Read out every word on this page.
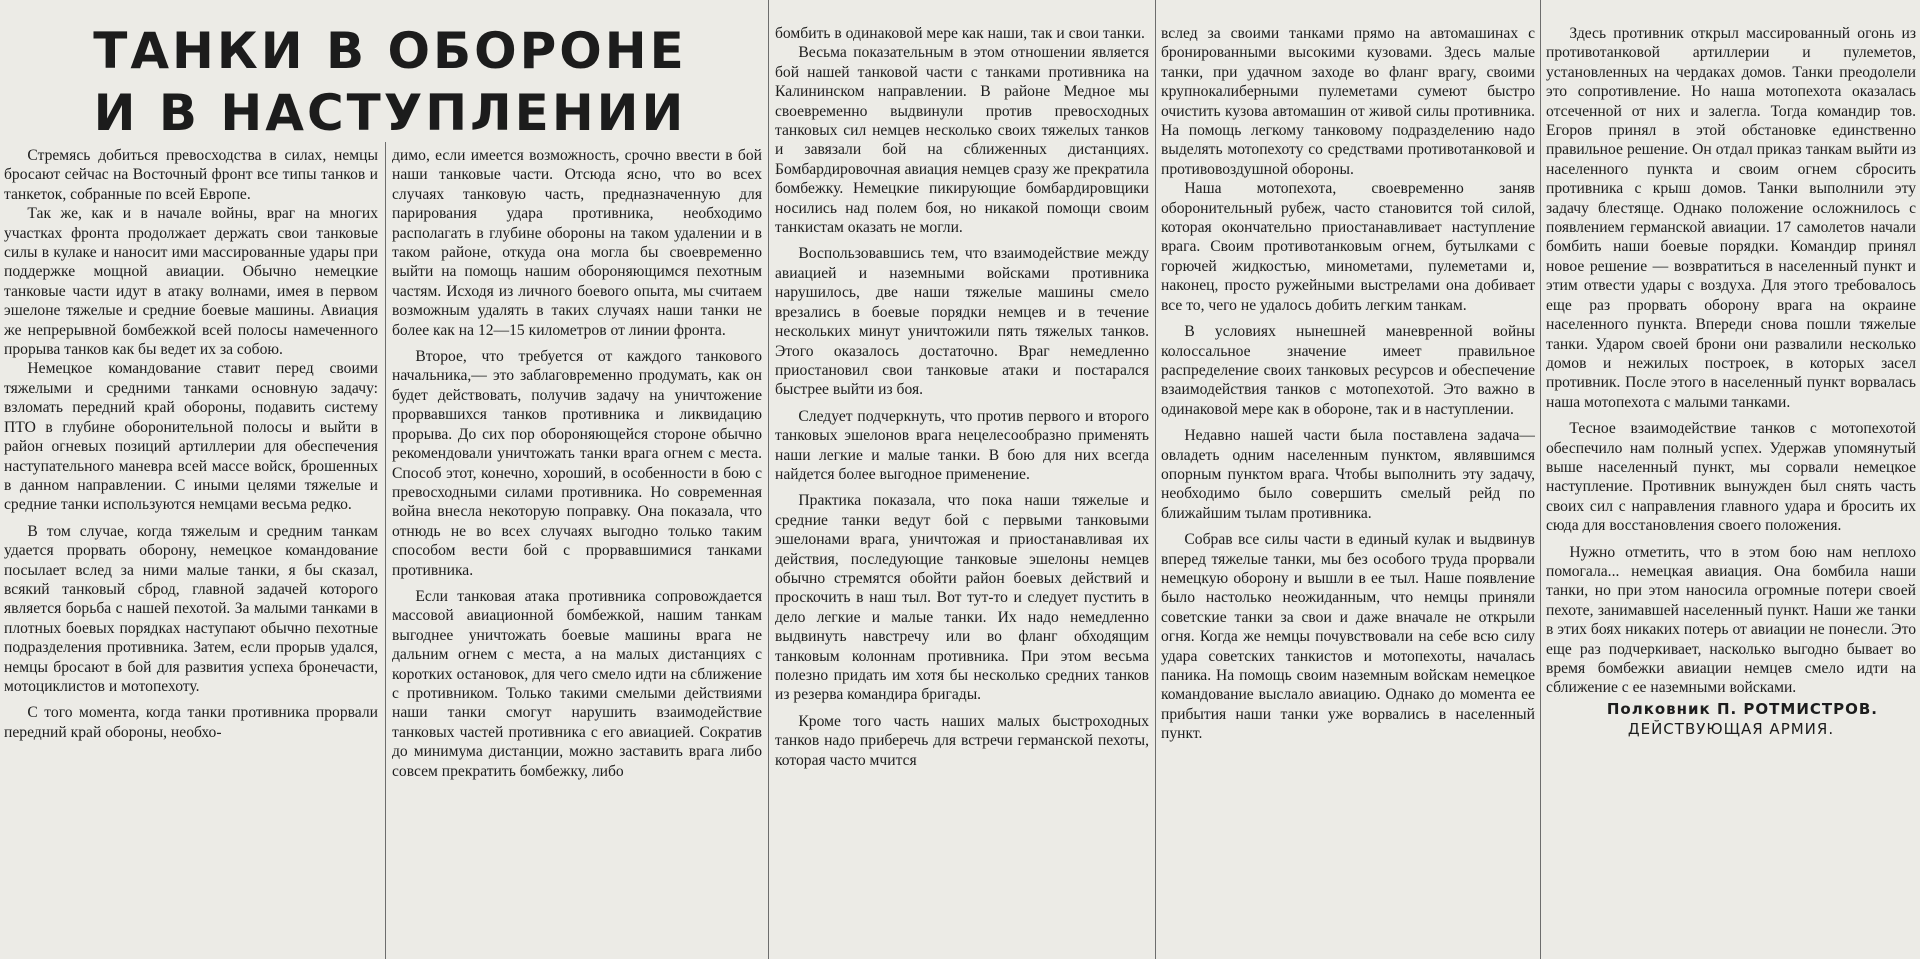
ТАНКИ В ОБОРОНЕ И В НАСТУПЛЕНИИ

Стремясь добиться превосходства в силах, немцы бросают сейчас на Восточный фронт все типы танков и танкеток, собранные по всей Европе.

Так же, как и в начале войны, враг на многих участках фронта продолжает держать свои танковые силы в кулаке и наносит ими массированные удары при поддержке мощной авиации. Обычно немецкие танковые части идут в атаку волнами, имея в первом эшелоне тяжелые и средние боевые машины. Авиация же непрерывной бомбежкой всей полосы намеченного прорыва танков как бы ведет их за собою.

Немецкое командование ставит перед своими тяжелыми и средними танками основную задачу: взломать передний край обороны, подавить систему ПТО в глубине оборонительной полосы и выйти в район огневых позиций артиллерии для обеспечения наступательного маневра всей массе войск, брошенных в данном направлении. С иными целями тяжелые и средние танки используются немцами весьма редко.

В том случае, когда тяжелым и средним танкам удается прорвать оборону, немецкое командование посылает вслед за ними малые танки, я бы сказал, всякий танковый сброд, главной задачей которого является борьба с нашей пехотой. За малыми танками в плотных боевых порядках наступают обычно пехотные подразделения противника. Затем, если прорыв удался, немцы бросают в бой для развития успеха бронечасти, мотоциклистов и мотопехоту.

С того момента, когда танки противника прорвали передний край обороны, необхо-

димо, если имеется возможность, срочно ввести в бой наши танковые части. Отсюда ясно, что во всех случаях танковую часть, предназначенную для парирования удара противника, необходимо располагать в глубине обороны на таком удалении и в таком районе, откуда она могла бы своевременно выйти на помощь нашим обороняющимся пехотным частям. Исходя из личного боевого опыта, мы считаем возможным удалять в таких случаях наши танки не более как на 12—15 километров от линии фронта.

Второе, что требуется от каждого танкового начальника,— это заблаговременно продумать, как он будет действовать, получив задачу на уничтожение прорвавшихся танков противника и ликвидацию прорыва. До сих пор обороняющейся стороне обычно рекомендовали уничтожать танки врага огнем с места. Способ этот, конечно, хороший, в особенности в бою с превосходными силами противника. Но современная война внесла некоторую поправку. Она показала, что отнюдь не во всех случаях выгодно только таким способом вести бой с прорвавшимися танками противника.

Если танковая атака противника сопровождается массовой авиационной бомбежкой, нашим танкам выгоднее уничтожать боевые машины врага не дальним огнем с места, а на малых дистанциях с коротких остановок, для чего смело идти на сближение с противником. Только такими смелыми действиями наши танки смогут нарушить взаимодействие танковых частей противника с его авиацией. Сократив до минимума дистанции, можно заставить врага либо совсем прекратить бомбежку, либо

бомбить в одинаковой мере как наши, так и свои танки.

Весьма показательным в этом отношении является бой нашей танковой части с танками противника на Калининском направлении. В районе Медное мы своевременно выдвинули против превосходных танковых сил немцев несколько своих тяжелых танков и завязали бой на сближенных дистанциях. Бомбардировочная авиация немцев сразу же прекратила бомбежку. Немецкие пикирующие бомбардировщики носились над полем боя, но никакой помощи своим танкистам оказать не могли.

Воспользовавшись тем, что взаимодействие между авиацией и наземными войсками противника нарушилось, две наши тяжелые машины смело врезались в боевые порядки немцев и в течение нескольких минут уничтожили пять тяжелых танков. Этого оказалось достаточно. Враг немедленно приостановил свои танковые атаки и постарался быстрее выйти из боя.

Следует подчеркнуть, что против первого и второго танковых эшелонов врага нецелесообразно применять наши легкие и малые танки. В бою для них всегда найдется более выгодное применение.

Практика показала, что пока наши тяжелые и средние танки ведут бой с первыми танковыми эшелонами врага, уничтожая и приостанавливая их действия, последующие танковые эшелоны немцев обычно стремятся обойти район боевых действий и проскочить в наш тыл. Вот тут-то и следует пустить в дело легкие и малые танки. Их надо немедленно выдвинуть навстречу или во фланг обходящим танковым колоннам противника. При этом весьма полезно придать им хотя бы несколько средних танков из резерва командира бригады.

Кроме того часть наших малых быстроходных танков надо приберечь для встречи германской пехоты, которая часто мчится

вслед за своими танками прямо на автомашинах с бронированными высокими кузовами. Здесь малые танки, при удачном заходе во фланг врагу, своими крупнокалиберными пулеметами сумеют быстро очистить кузова автомашин от живой силы противника. На помощь легкому танковому подразделению надо выделять мотопехоту со средствами противотанковой и противовоздушной обороны.

Наша мотопехота, своевременно заняв оборонительный рубеж, часто становится той силой, которая окончательно приостанавливает наступление врага. Своим противотанковым огнем, бутылками с горючей жидкостью, минометами, пулеметами и, наконец, просто ружейными выстрелами она добивает все то, чего не удалось добить легким танкам.

В условиях нынешней маневренной войны колоссальное значение имеет правильное распределение своих танковых ресурсов и обеспечение взаимодействия танков с мотопехотой. Это важно в одинаковой мере как в обороне, так и в наступлении.

Недавно нашей части была поставлена задача—овладеть одним населенным пунктом, являвшимся опорным пунктом врага. Чтобы выполнить эту задачу, необходимо было совершить смелый рейд по ближайшим тылам противника.

Собрав все силы части в единый кулак и выдвинув вперед тяжелые танки, мы без особого труда прорвали немецкую оборону и вышли в ее тыл. Наше появление было настолько неожиданным, что немцы приняли советские танки за свои и даже вначале не открыли огня. Когда же немцы почувствовали на себе всю силу удара советских танкистов и мотопехоты, началась паника. На помощь своим наземным войскам немецкое командование выслало авиацию. Однако до момента ее прибытия наши танки уже ворвались в населенный пункт.

Здесь противник открыл массированный огонь из противотанковой артиллерии и пулеметов, установленных на чердаках домов. Танки преодолели это сопротивление. Но наша мотопехота оказалась отсеченной от них и залегла. Тогда командир тов. Егоров принял в этой обстановке единственно правильное решение. Он отдал приказ танкам выйти из населенного пункта и своим огнем сбросить противника с крыш домов. Танки выполнили эту задачу блестяще. Однако положение осложнилось с появлением германской авиации. 17 самолетов начали бомбить наши боевые порядки. Командир принял новое решение — возвратиться в населенный пункт и этим отвести удары с воздуха. Для этого требовалось еще раз прорвать оборону врага на окраине населенного пункта. Впереди снова пошли тяжелые танки. Ударом своей брони они развалили несколько домов и нежилых построек, в которых засел противник. После этого в населенный пункт ворвалась наша мотопехота с малыми танками.

Тесное взаимодействие танков с мотопехотой обеспечило нам полный успех. Удержав упомянутый выше населенный пункт, мы сорвали немецкое наступление. Противник вынужден был снять часть своих сил с направления главного удара и бросить их сюда для восстановления своего положения.

Нужно отметить, что в этом бою нам неплохо помогала... немецкая авиация. Она бомбила наши танки, но при этом наносила огромные потери своей пехоте, занимавшей населенный пункт. Наши же танки в этих боях никаких потерь от авиации не понесли. Это еще раз подчеркивает, насколько выгодно бывает во время бомбежки авиации немцев смело идти на сближение с ее наземными войсками.

Полковник П. РОТМИСТРОВ.
ДЕЙСТВУЮЩАЯ АРМИЯ.
